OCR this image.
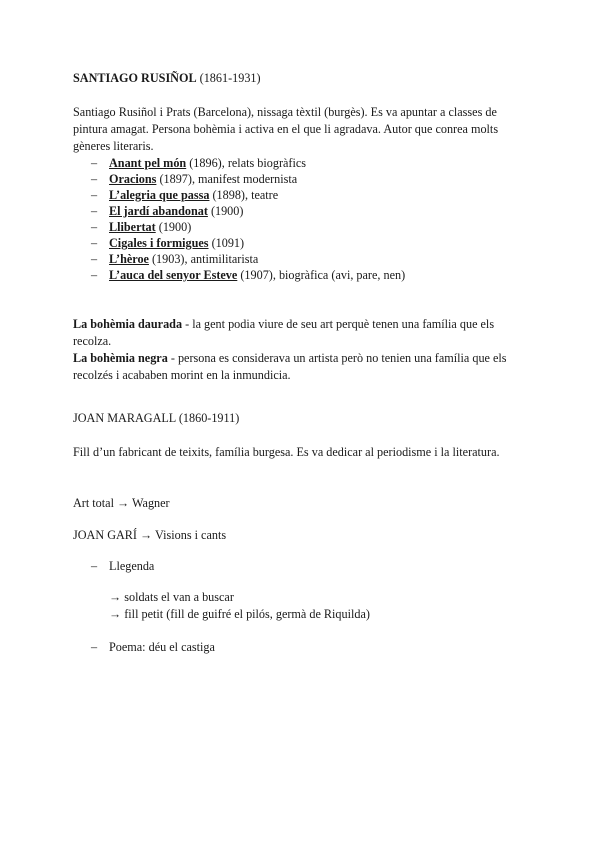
SANTIAGO RUSIÑOL (1861-1931)
Santiago Rusiñol i Prats (Barcelona), nissaga tèxtil (burgès). Es va apuntar a classes de pintura amagat. Persona bohèmia i activa en el que li agradava. Autor que conrea molts gèneres literaris.
– Anant pel món (1896), relats biogràfics
– Oracions (1897), manifest modernista
– L’alegria que passa (1898), teatre
– El jardí abandonat (1900)
– Llibertat (1900)
– Cigales i formigues (1091)
– L’hèroe (1903), antimilitarista
– L’auca del senyor Esteve (1907), biogràfica (avi, pare, nen)
La bohèmia daurada - la gent podia viure de seu art perquè tenen una família que els recolza.
La bohèmia negra - persona es considerava un artista però no tenien una família que els recolzés i acababen morint en la inmundicia.
JOAN MARAGALL (1860-1911)
Fill d’un fabricant de teixits, família burgesa. Es va dedicar al periodisme i la literatura.
Art total → Wagner
JOAN GARÍ → Visions i cants
– Llegenda
→ soldats el van a buscar
→ fill petit (fill de guifré el pilós, germà de Riquilda)
– Poema: déu el castiga
